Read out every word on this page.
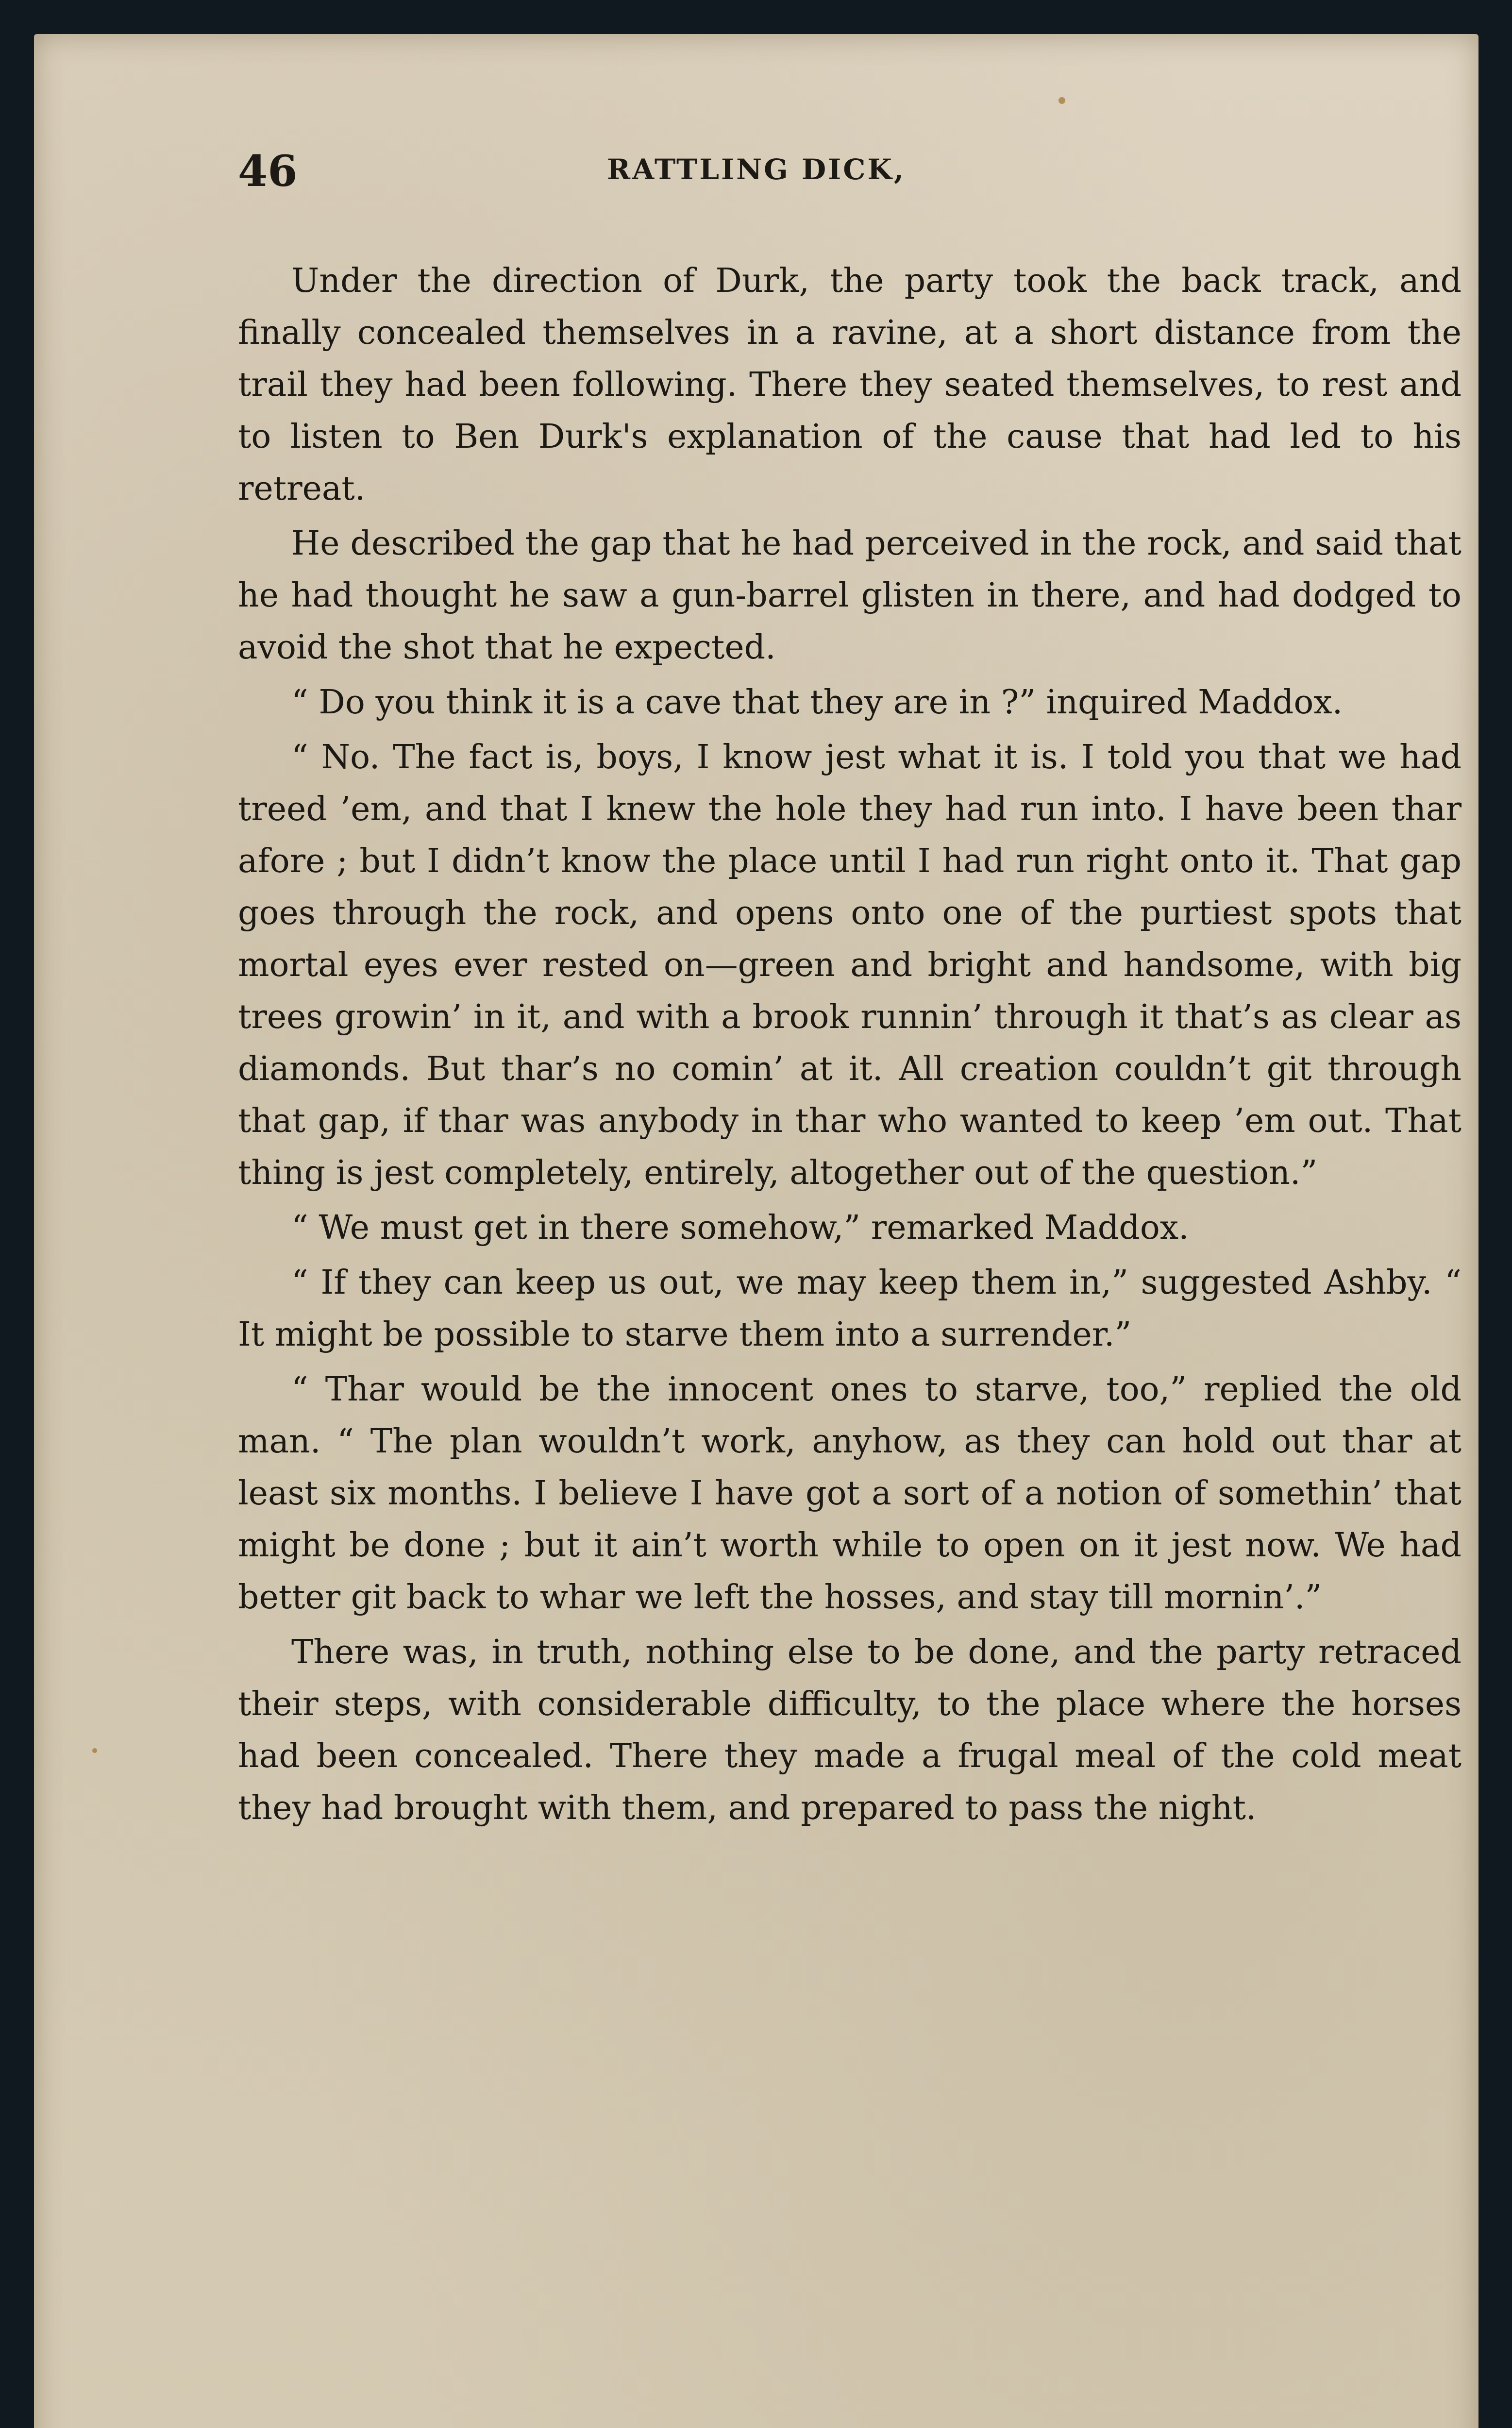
46	RATTLING DICK,

Under the direction of Durk, the party took the back track, and finally concealed themselves in a ravine, at a short distance from the trail they had been following. There they seated themselves, to rest and to listen to Ben Durk's explanation of the cause that had led to his retreat.

He described the gap that he had perceived in the rock, and said that he had thought he saw a gun-barrel glisten in there, and had dodged to avoid the shot that he expected.

“ Do you think it is a cave that they are in ?” inquired Maddox.

“ No. The fact is, boys, I know jest what it is. I told you that we had treed ’em, and that I knew the hole they had run into. I have been thar afore ; but I didn’t know the place until I had run right onto it. That gap goes through the rock, and opens onto one of the purtiest spots that mortal eyes ever rested on—green and bright and handsome, with big trees growin’ in it, and with a brook runnin’ through it that’s as clear as diamonds. But thar’s no comin’ at it. All creation couldn’t git through that gap, if thar was anybody in thar who wanted to keep ’em out. That thing is jest completely, entirely, altogether out of the question.”

“ We must get in there somehow,” remarked Maddox.

“ If they can keep us out, we may keep them in,” suggested Ashby. “ It might be possible to starve them into a surrender.”

“ Thar would be the innocent ones to starve, too,” replied the old man. “ The plan wouldn’t work, anyhow, as they can hold out thar at least six months. I believe I have got a sort of a notion of somethin’ that might be done ; but it ain’t worth while to open on it jest now. We had better git back to whar we left the hosses, and stay till mornin’.”

There was, in truth, nothing else to be done, and the party retraced their steps, with considerable difficulty, to the place where the horses had been concealed. There they made a frugal meal of the cold meat they had brought with them, and prepared to pass the night.
